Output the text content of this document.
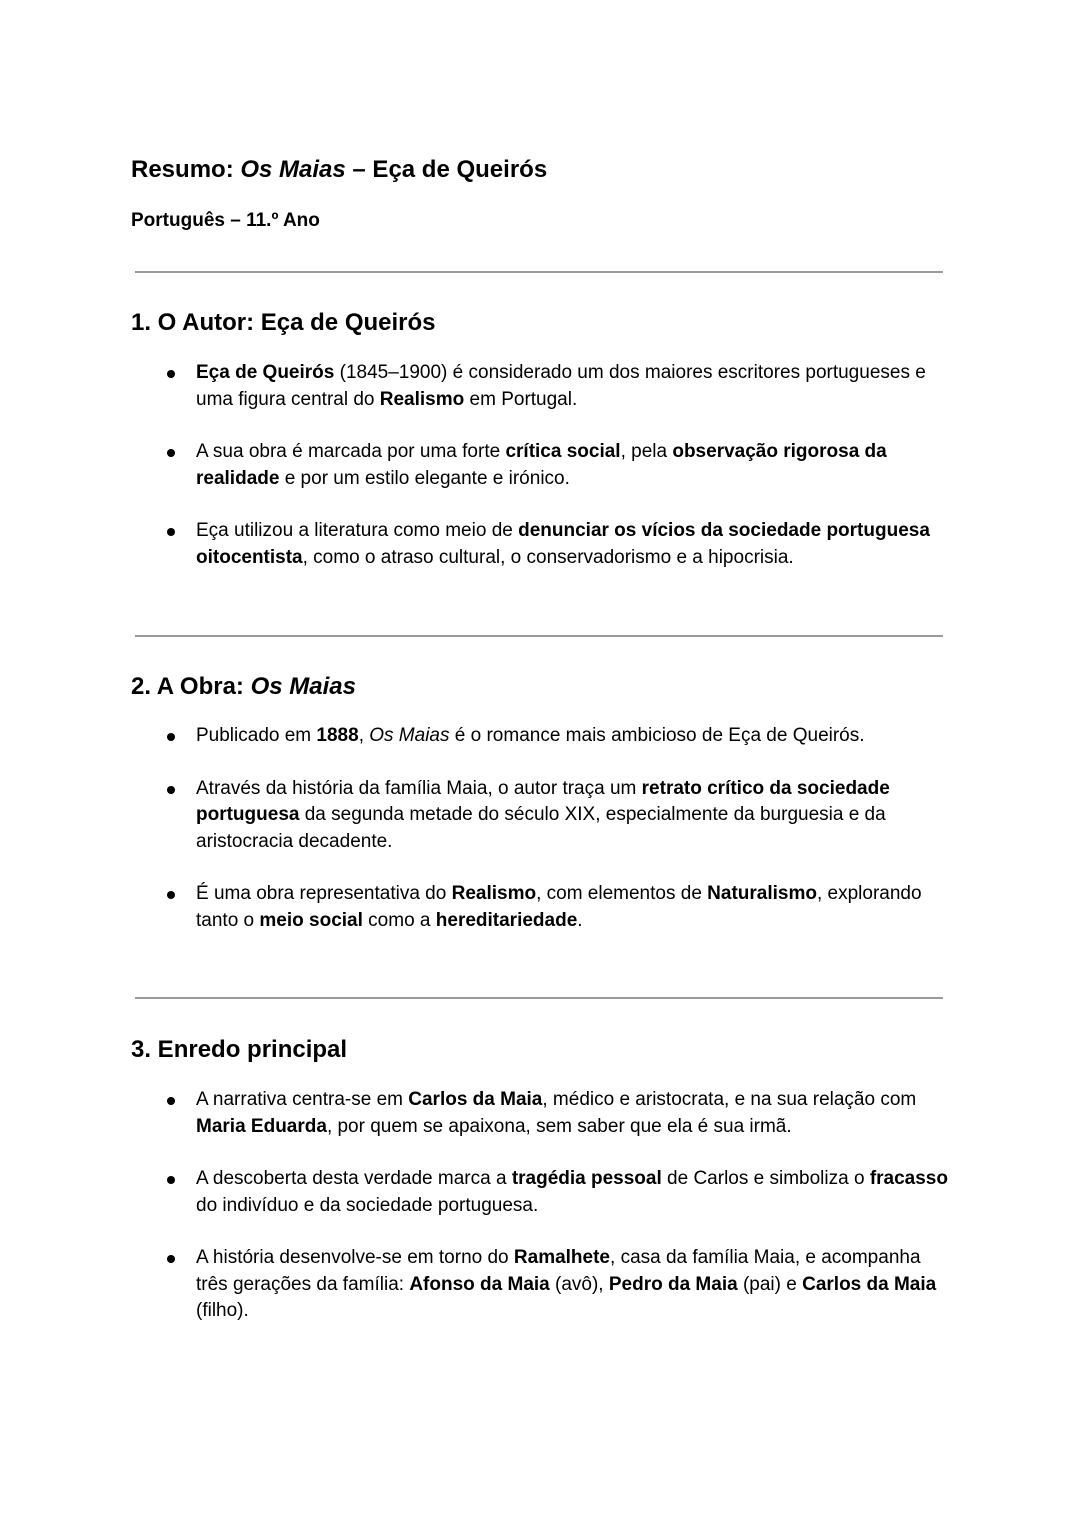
Resumo: Os Maias – Eça de Queirós
Português – 11.º Ano
1. O Autor: Eça de Queirós
Eça de Queirós (1845–1900) é considerado um dos maiores escritores portugueses e uma figura central do Realismo em Portugal.
A sua obra é marcada por uma forte crítica social, pela observação rigorosa da realidade e por um estilo elegante e irónico.
Eça utilizou a literatura como meio de denunciar os vícios da sociedade portuguesa oitocentista, como o atraso cultural, o conservadorismo e a hipocrisia.
2. A Obra: Os Maias
Publicado em 1888, Os Maias é o romance mais ambicioso de Eça de Queirós.
Através da história da família Maia, o autor traça um retrato crítico da sociedade portuguesa da segunda metade do século XIX, especialmente da burguesia e da aristocracia decadente.
É uma obra representativa do Realismo, com elementos de Naturalismo, explorando tanto o meio social como a hereditariedade.
3. Enredo principal
A narrativa centra-se em Carlos da Maia, médico e aristocrata, e na sua relação com Maria Eduarda, por quem se apaixona, sem saber que ela é sua irmã.
A descoberta desta verdade marca a tragédia pessoal de Carlos e simboliza o fracasso do indivíduo e da sociedade portuguesa.
A história desenvolve-se em torno do Ramalhete, casa da família Maia, e acompanha três gerações da família: Afonso da Maia (avô), Pedro da Maia (pai) e Carlos da Maia (filho).
